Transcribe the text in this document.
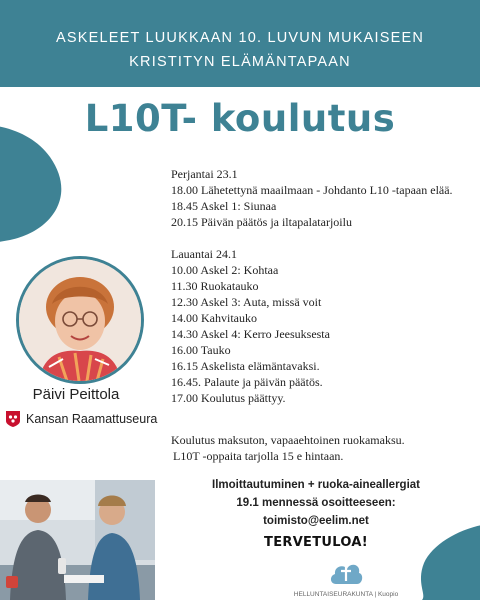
ASKELEET LUUKKAAN 10. LUVUN MUKAISEEN
KRISTITYN ELÄMÄNTAPAAN
L10T- koulutus
Päivi Peittola
Kansan Raamattuseura
Perjantai 23.1
18.00 Lähetettynä maailmaan - Johdanto L10 -tapaan elää.
18.45 Askel 1: Siunaa
20.15 Päivän päätös ja iltapalatarjoilu
Lauantai 24.1
10.00 Askel 2: Kohtaa
11.30 Ruokatauko
12.30 Askel 3: Auta, missä voit
14.00 Kahvitauko
14.30 Askel 4: Kerro Jeesuksesta
16.00 Tauko
16.15 Askelista elämäntavaksi.
16.45. Palaute ja päivän päätös.
17.00 Koulutus päättyy.
Koulutus maksuton, vapaaehtoinen ruokamaksu.
L10T -oppaita tarjolla 15 e hintaan.
Ilmoittautuminen + ruoka-aineallergiat
19.1 mennessä osoitteeseen:
toimisto@eelim.net
TERVETULOA!
HELLUNTAISEURAKUNTA | Kuopio
